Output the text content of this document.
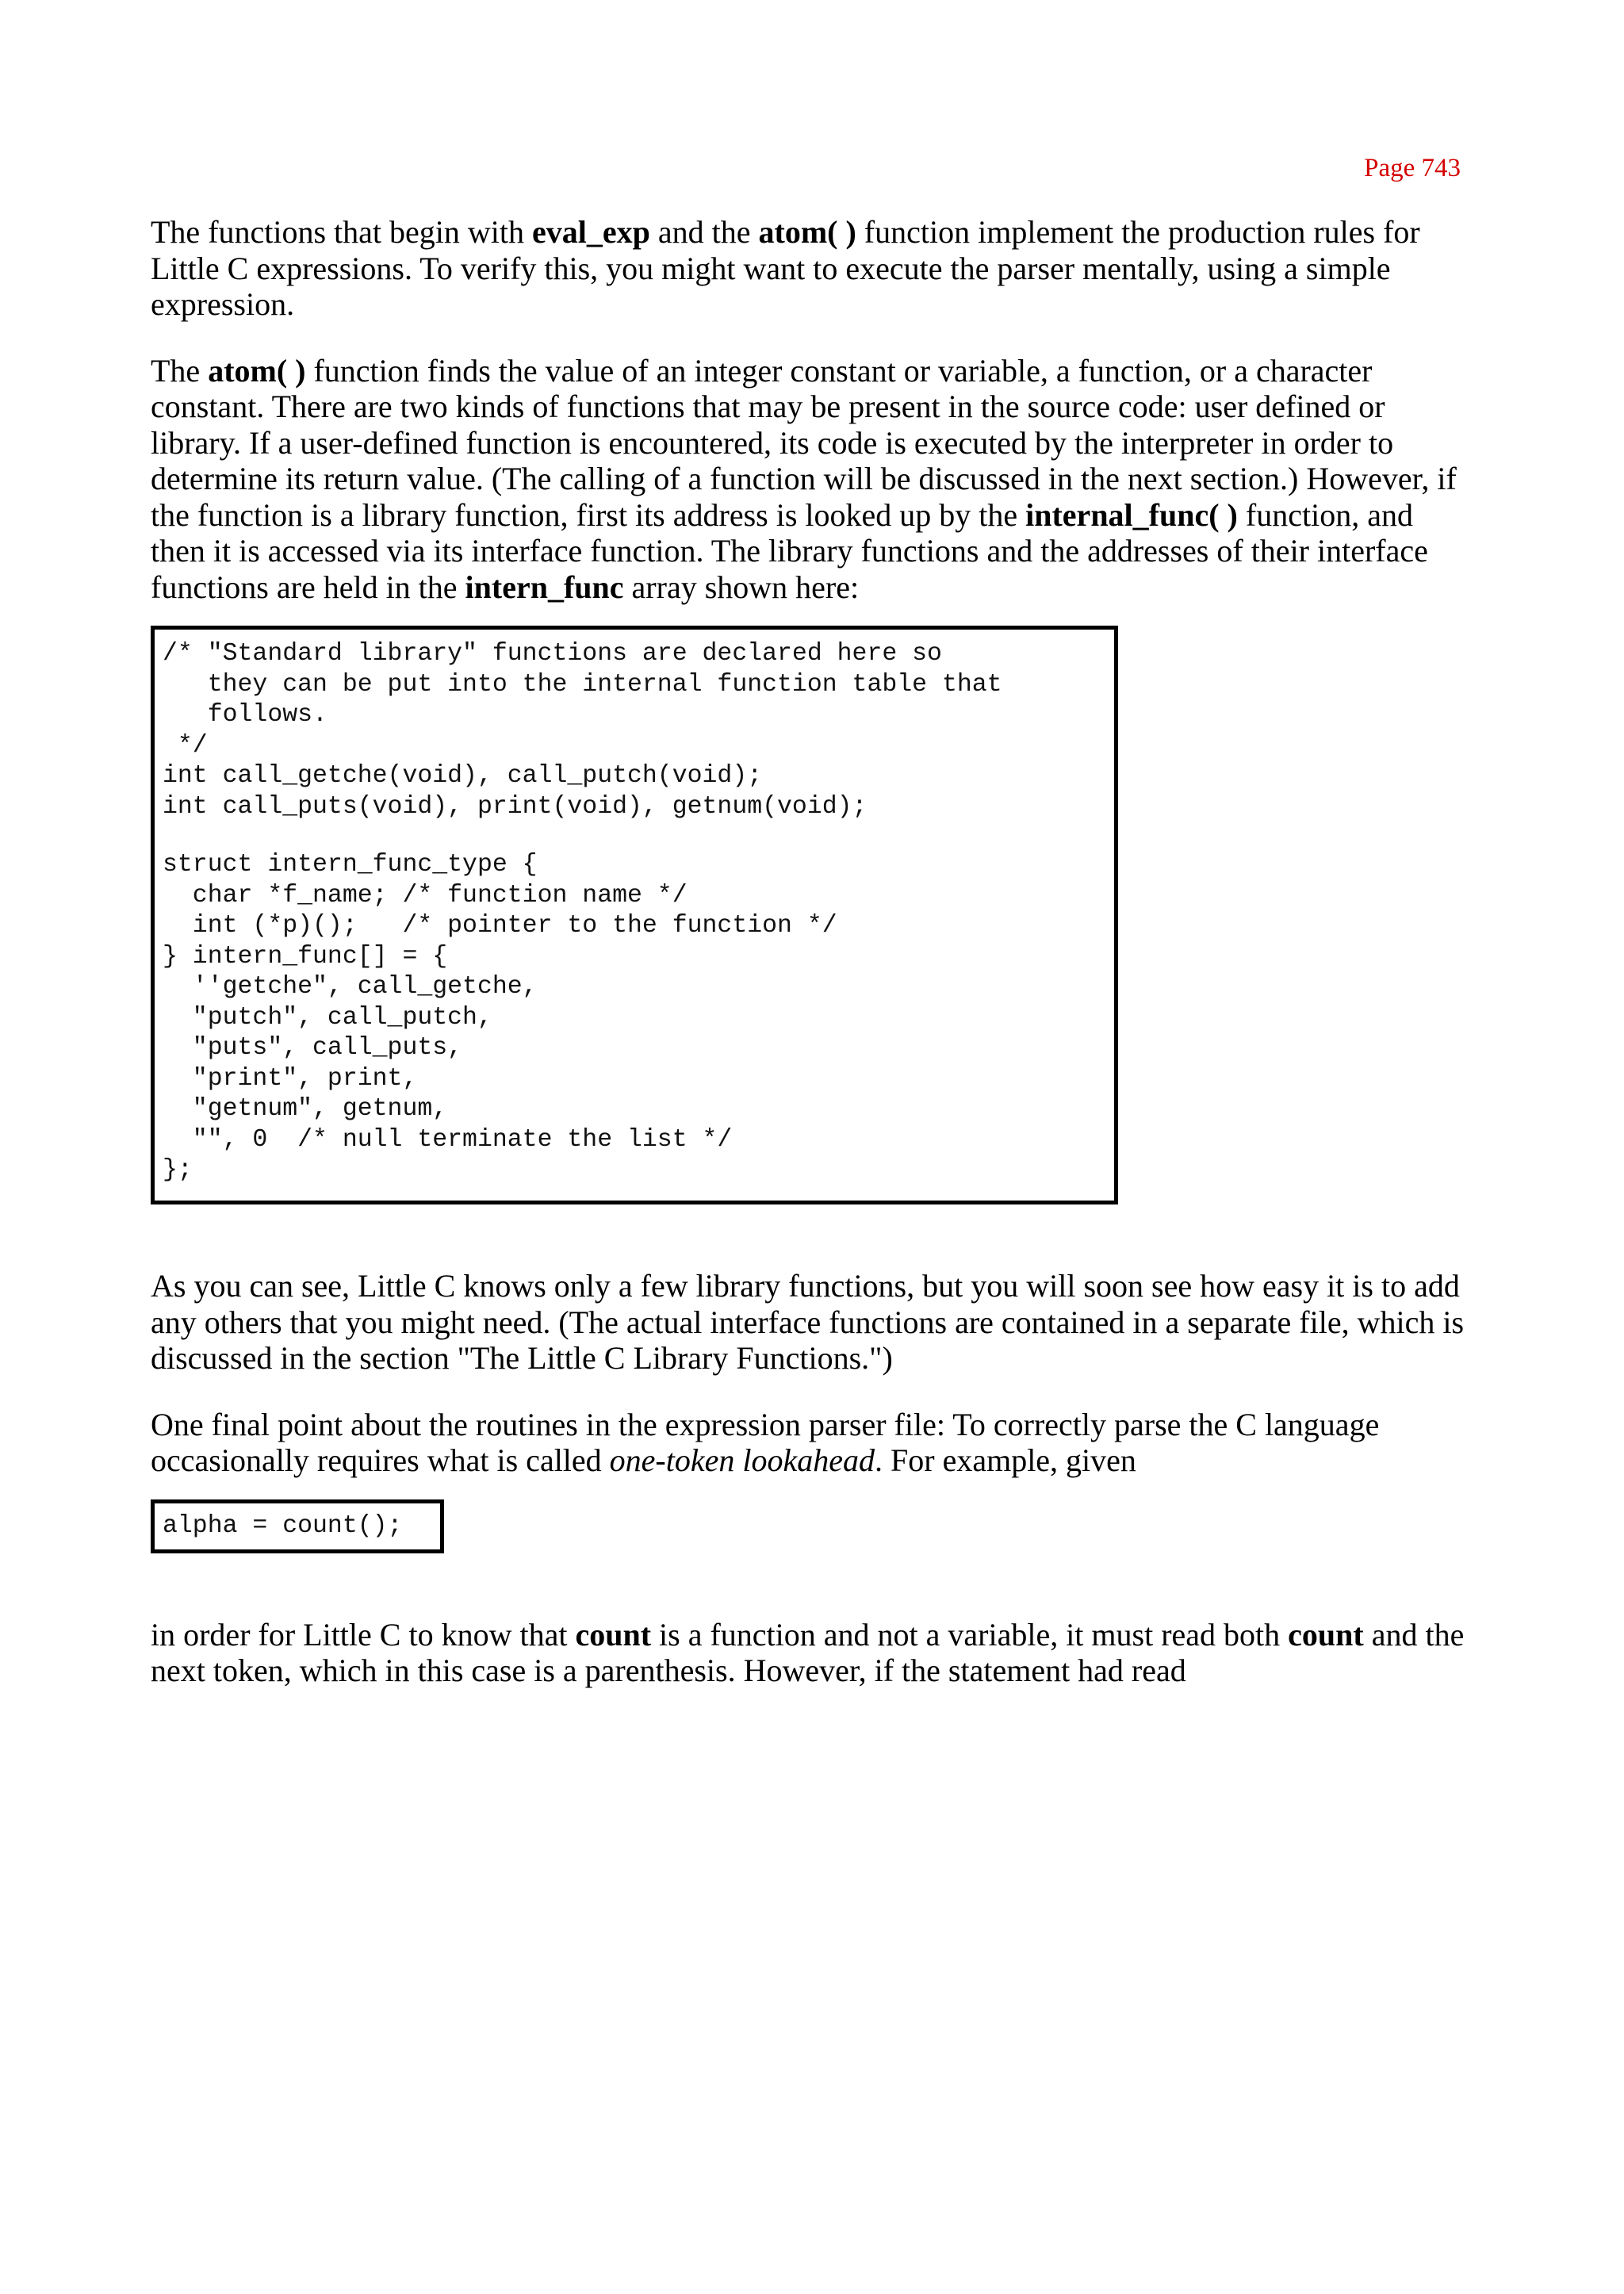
Page 743

The functions that begin with eval_exp and the atom( ) function implement the production rules for Little C expressions. To verify this, you might want to execute the parser mentally, using a simple expression.

The atom( ) function finds the value of an integer constant or variable, a function, or a character constant. There are two kinds of functions that may be present in the source code: user defined or library. If a user-defined function is encountered, its code is executed by the interpreter in order to determine its return value. (The calling of a function will be discussed in the next section.) However, if the function is a library function, first its address is looked up by the internal_func( ) function, and then it is accessed via its interface function. The library functions and the addresses of their interface functions are held in the intern_func array shown here:

/* "Standard library" functions are declared here so
they can be put into the internal function table that
follows.
*/
int call_getche(void), call_putch(void);
int call_puts(void), print(void), getnum(void);
struct intern_func_type {
char *f_name; /* function name */
int (*p)();   /* pointer to the function */
} intern_func[] = {
''getche", call_getche,
"putch", call_putch,
"puts", call_puts,
"print", print,
"getnum", getnum,
"", 0  /* null terminate the list */
};

As you can see, Little C knows only a few library functions, but you will soon see how easy it is to add any others that you might need. (The actual interface functions are contained in a separate file, which is discussed in the section "The Little C Library Functions.")

One final point about the routines in the expression parser file: To correctly parse the C language occasionally requires what is called one-token lookahead. For example, given

alpha = count();

in order for Little C to know that count is a function and not a variable, it must read both count and the next token, which in this case is a parenthesis. However, if the statement had read
